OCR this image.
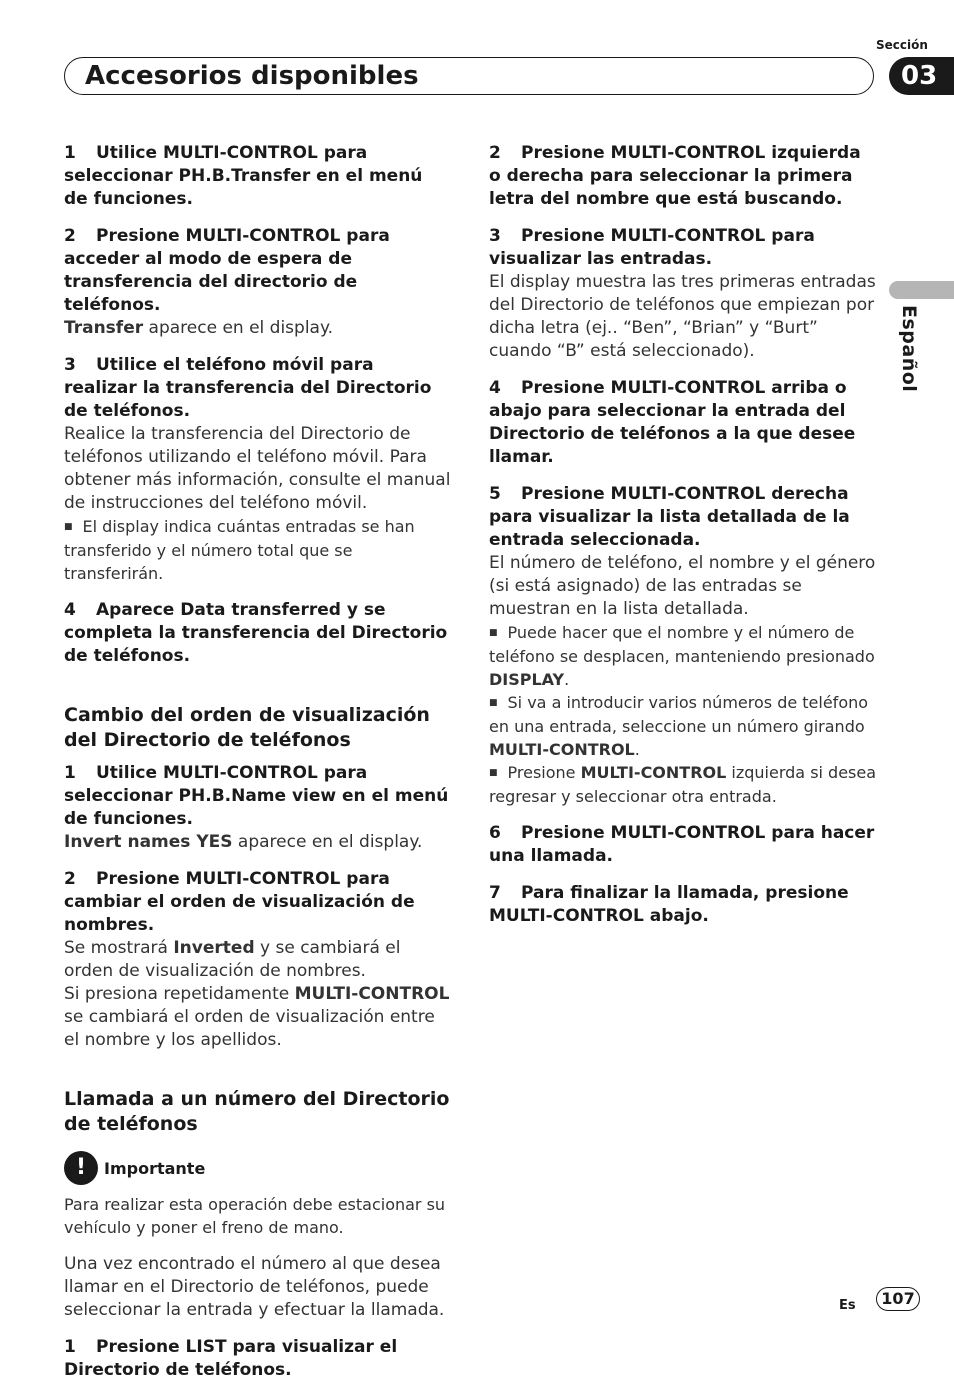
Sección
Accesorios disponibles	03
Español

1 Utilice MULTI-CONTROL para seleccionar PH.B.Transfer en el menú de funciones.

2 Presione MULTI-CONTROL para acceder al modo de espera de transferencia del directorio de teléfonos.

Transfer aparece en el display.

3 Utilice el teléfono móvil para realizar la transferencia del Directorio de teléfonos.

Realice la transferencia del Directorio de teléfonos utilizando el teléfono móvil. Para obtener más información, consulte el manual de instrucciones del teléfono móvil.

■ El display indica cuántas entradas se han transferido y el número total que se transferirán.

4 Aparece Data transferred y se completa la transferencia del Directorio de teléfonos.

Cambio del orden de visualización del Directorio de teléfonos

1 Utilice MULTI-CONTROL para seleccionar PH.B.Name view en el menú de funciones.

Invert names YES aparece en el display.

2 Presione MULTI-CONTROL para cambiar el orden de visualización de nombres.

Se mostrará Inverted y se cambiará el orden de visualización de nombres.

Si presiona repetidamente MULTI-CONTROL se cambiará el orden de visualización entre el nombre y los apellidos.

Llamada a un número del Directorio de teléfonos

!	Importante

Para realizar esta operación debe estacionar su vehículo y poner el freno de mano.

Una vez encontrado el número al que desea llamar en el Directorio de teléfonos, puede seleccionar la entrada y efectuar la llamada.

1 Presione LIST para visualizar el Directorio de teléfonos.

2 Presione MULTI-CONTROL izquierda o derecha para seleccionar la primera letra del nombre que está buscando.

3 Presione MULTI-CONTROL para visualizar las entradas.

El display muestra las tres primeras entradas del Directorio de teléfonos que empiezan por dicha letra (ej.. “Ben”, “Brian” y “Burt” cuando “B” está seleccionado).

4 Presione MULTI-CONTROL arriba o abajo para seleccionar la entrada del Directorio de teléfonos a la que desee llamar.

5 Presione MULTI-CONTROL derecha para visualizar la lista detallada de la entrada seleccionada.

El número de teléfono, el nombre y el género (si está asignado) de las entradas se muestran en la lista detallada.

■ Puede hacer que el nombre y el número de teléfono se desplacen, manteniendo presionado DISPLAY.

■ Si va a introducir varios números de teléfono en una entrada, seleccione un número girando MULTI-CONTROL.

■ Presione MULTI-CONTROL izquierda si desea regresar y seleccionar otra entrada.

6 Presione MULTI-CONTROL para hacer una llamada.

7 Para finalizar la llamada, presione MULTI-CONTROL abajo.

Es	107
